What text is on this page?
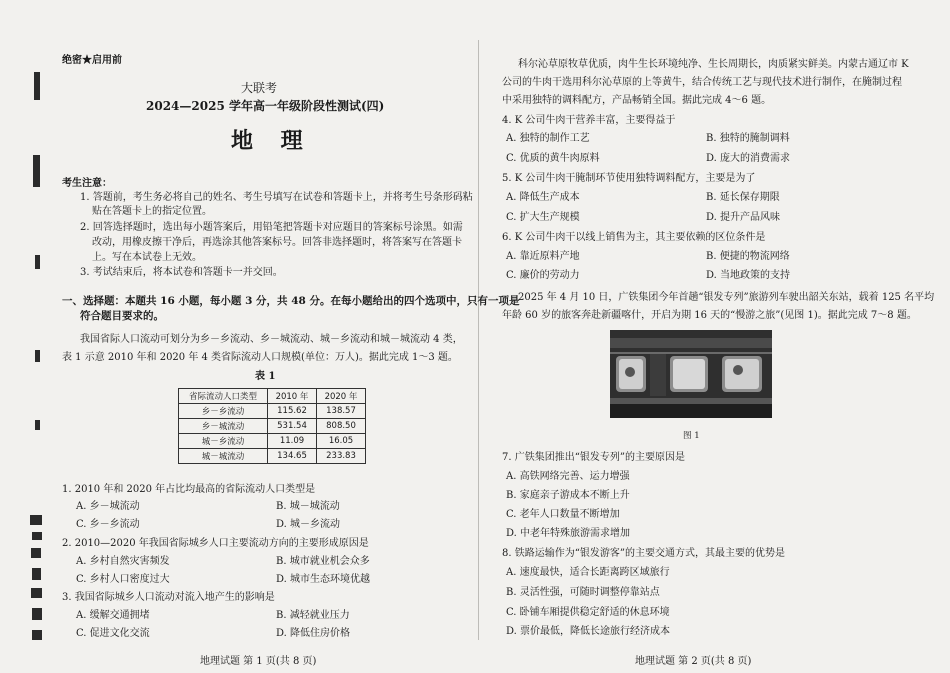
绝密★启用前
大联考
2024—2025 学年高一年级阶段性测试(四)
地 理
考生注意：
1. 答题前，考生务必将自己的姓名、考生号填写在试卷和答题卡上，并将考生号条形码粘
贴在答题卡上的指定位置。
2. 回答选择题时，选出每小题答案后，用铅笔把答题卡对应题目的答案标号涂黑。如需
改动，用橡皮擦干净后，再选涂其他答案标号。回答非选择题时，将答案写在答题卡
上。写在本试卷上无效。
3. 考试结束后，将本试卷和答题卡一并交回。
一、选择题：本题共 16 小题，每小题 3 分，共 48 分。在每小题给出的四个选项中，只有一项是
符合题目要求的。
我国省际人口流动可划分为乡－乡流动、乡－城流动、城－乡流动和城－城流动 4 类，
表 1 示意 2010 年和 2020 年 4 类省际流动人口规模(单位：万人)。据此完成 1～3 题。
表 1
省际流动人口类型	2010 年	2020 年
乡－乡流动	115.62	138.57
乡－城流动	531.54	808.50
城－乡流动	11.09	16.05
城－城流动	134.65	233.83
1. 2010 年和 2020 年占比均最高的省际流动人口类型是
A. 乡－城流动	B. 城－城流动
C. 乡－乡流动	D. 城－乡流动
2. 2010—2020 年我国省际城乡人口主要流动方向的主要形成原因是
A. 乡村自然灾害频发	B. 城市就业机会众多
C. 乡村人口密度过大	D. 城市生态环境优越
3. 我国省际城乡人口流动对流入地产生的影响是
A. 缓解交通拥堵	B. 减轻就业压力
C. 促进文化交流	D. 降低住房价格
地理试题 第 1 页(共 8 页)
科尔沁草原牧草优质，肉牛生长环境纯净、生长周期长，肉质紧实鲜美。内蒙古通辽市 K
公司的牛肉干选用科尔沁草原的上等黄牛，结合传统工艺与现代技术进行制作，在腌制过程
中采用独特的调料配方，产品畅销全国。据此完成 4～6 题。
4. K 公司牛肉干营养丰富，主要得益于
A. 独特的制作工艺	B. 独特的腌制调料
C. 优质的黄牛肉原料	D. 庞大的消费需求
5. K 公司牛肉干腌制环节使用独特调料配方，主要是为了
A. 降低生产成本	B. 延长保存期限
C. 扩大生产规模	D. 提升产品风味
6. K 公司牛肉干以线上销售为主，其主要依赖的区位条件是
A. 靠近原料产地	B. 便捷的物流网络
C. 廉价的劳动力	D. 当地政策的支持
2025 年 4 月 10 日，广铁集团今年首趟“银发专列”旅游列车驶出韶关东站，载着 125 名平均
年龄 60 岁的旅客奔赴新疆喀什，开启为期 16 天的“慢游之旅”(见图 1)。据此完成 7～8 题。
图 1
7. 广铁集团推出“银发专列”的主要原因是
A. 高铁网络完善、运力增强
B. 家庭亲子游成本不断上升
C. 老年人口数量不断增加
D. 中老年特殊旅游需求增加
8. 铁路运输作为“银发游客”的主要交通方式，其最主要的优势是
A. 速度最快，适合长距离跨区域旅行
B. 灵活性强，可随时调整停靠站点
C. 卧铺车厢提供稳定舒适的休息环境
D. 票价最低，降低长途旅行经济成本
地理试题 第 2 页(共 8 页)
